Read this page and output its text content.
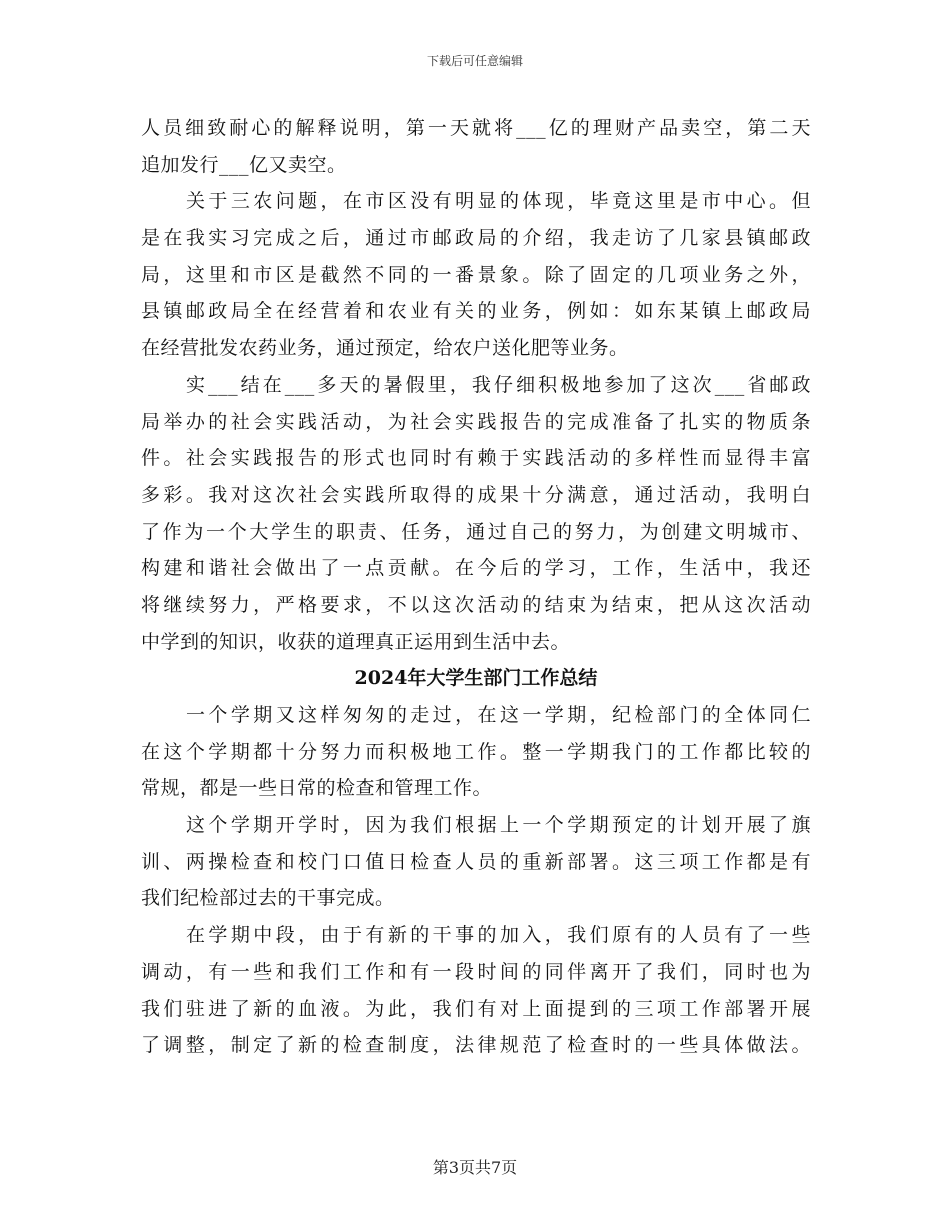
下载后可任意编辑
人员细致耐心的解释说明，第一天就将___亿的理财产品卖空，第二天
追加发行___亿又卖空。
关于三农问题，在市区没有明显的体现，毕竟这里是市中心。但
是在我实习完成之后，通过市邮政局的介绍，我走访了几家县镇邮政
局，这里和市区是截然不同的一番景象。除了固定的几项业务之外，
县镇邮政局全在经营着和农业有关的业务，例如：如东某镇上邮政局
在经营批发农药业务，通过预定，给农户送化肥等业务。
实___结在___多天的暑假里，我仔细积极地参加了这次___省邮政
局举办的社会实践活动，为社会实践报告的完成准备了扎实的物质条
件。社会实践报告的形式也同时有赖于实践活动的多样性而显得丰富
多彩。我对这次社会实践所取得的成果十分满意，通过活动，我明白
了作为一个大学生的职责、任务，通过自己的努力，为创建文明城市、
构建和谐社会做出了一点贡献。在今后的学习，工作，生活中，我还
将继续努力，严格要求，不以这次活动的结束为结束，把从这次活动
中学到的知识，收获的道理真正运用到生活中去。
2024年大学生部门工作总结
一个学期又这样匆匆的走过，在这一学期，纪检部门的全体同仁
在这个学期都十分努力而积极地工作。整一学期我门的工作都比较的
常规，都是一些日常的检查和管理工作。
这个学期开学时，因为我们根据上一个学期预定的计划开展了旗
训、两操检查和校门口值日检查人员的重新部署。这三项工作都是有
我们纪检部过去的干事完成。
在学期中段，由于有新的干事的加入，我们原有的人员有了一些
调动，有一些和我们工作和有一段时间的同伴离开了我们，同时也为
我们驻进了新的血液。为此，我们有对上面提到的三项工作部署开展
了调整，制定了新的检查制度，法律规范了检查时的一些具体做法。
第3页共7页
